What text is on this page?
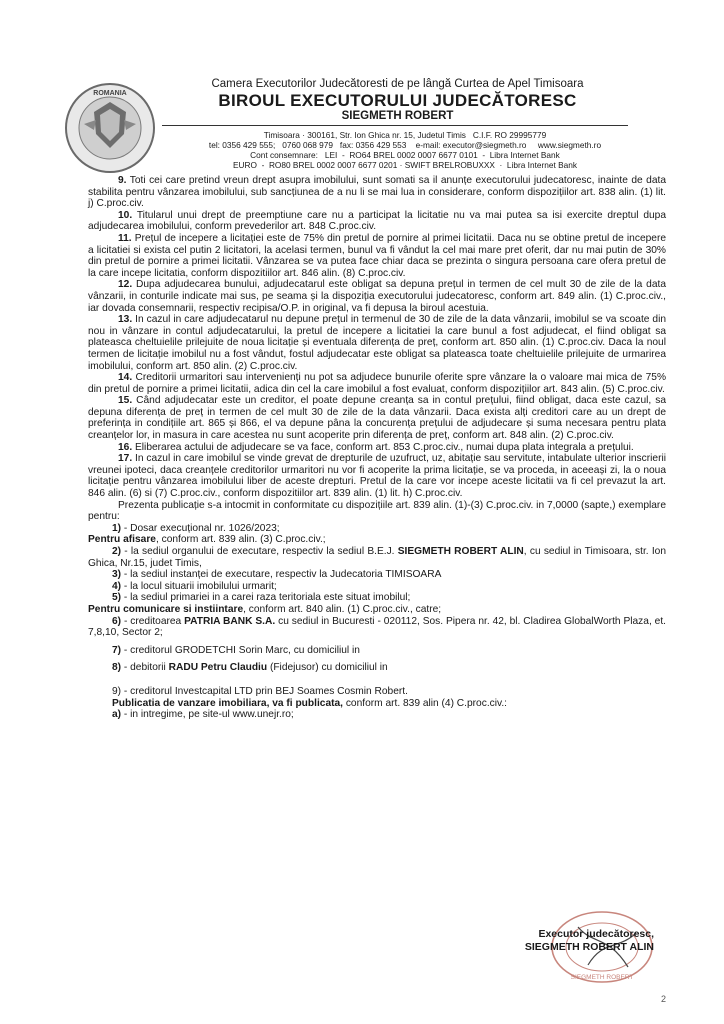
ROMANIA
Camera Executorilor Judecătoresti de pe lângă Curtea de Apel Timisoara
BIROUL EXECUTORULUI JUDECĂTORESC
SIEGMETH ROBERT
Timisoara · 300161, Str. Ion Ghica nr. 15, Judetul Timis   C.I.F. RO 29995779
tel: 0356 429 555;   0760 068 979   fax: 0356 429 553    e-mail: executor@siegmeth.ro     www.siegmeth.ro
Cont consemnare:   LEI  -  RO64 BREL 0002 0007 6677 0101  -  Libra Internet Bank
EURO  -  RO80 BREL 0002 0007 6677 0201 · SWIFT BRELROBUXXX  ·  Libra Internet Bank

9. Toti cei care pretind vreun drept asupra imobilului, sunt somati sa il anunțe executorului judecatoresc, inainte de data stabilita pentru vânzarea imobilului, sub sancțiunea de a nu li se mai lua in considerare, conform dispozițiilor art. 838 alin. (1) lit. j) C.proc.civ.

10. Titularul unui drept de preemptiune care nu a participat la licitatie nu va mai putea sa isi exercite dreptul dupa adjudecarea imobilului, conform prevederilor art. 848 C.proc.civ.

11. Prețul de incepere a licitației este de 75% din pretul de pornire al primei licitatii. Daca nu se obtine pretul de incepere a licitatiei si exista cel putin 2 licitatori, la acelasi termen, bunul va fi vândut la cel mai mare pret oferit, dar nu mai putin de 30% din pretul de pornire a primei licitatii. Vânzarea se va putea face chiar daca se prezinta o singura persoana care ofera pretul de la care incepe licitatia, conform dispozitiilor art. 846 alin. (8) C.proc.civ.

12. Dupa adjudecarea bunului, adjudecatarul este obligat sa depuna prețul in termen de cel mult 30 de zile de la data vânzarii, in conturile indicate mai sus, pe seama și la dispoziția executorului judecatoresc, conform art. 849 alin. (1) C.proc.civ., iar dovada consemnarii, respectiv recipisa/O.P. in original, va fi depusa la biroul acestuia.

13. In cazul in care adjudecatarul nu depune prețul in termenul de 30 de zile de la data vânzarii, imobilul se va scoate din nou in vânzare in contul adjudecatarului, la pretul de incepere a licitatiei la care bunul a fost adjudecat, el fiind obligat sa plateasca cheltuielile prilejuite de noua licitație și eventuala diferența de preț, conform art. 850 alin. (1) C.proc.civ. Daca la noul termen de licitație imobilul nu a fost vândut, fostul adjudecatar este obligat sa plateasca toate cheltuielile prilejuite de urmarirea imobilului, conform art. 850 alin. (2) C.proc.civ.

14. Creditorii urmaritori sau intervenienți nu pot sa adjudece bunurile oferite spre vânzare la o valoare mai mica de 75% din pretul de pornire a primei licitatii, adica din cel la care imobilul a fost evaluat, conform dispozițiilor art. 843 alin. (5) C.proc.civ.

15. Când adjudecatar este un creditor, el poate depune creanța sa in contul prețului, fiind obligat, daca este cazul, sa depuna diferența de preț in termen de cel mult 30 de zile de la data vânzarii. Daca exista alți creditori care au un drept de preferința in condițiile art. 865 și 866, el va depune pâna la concurența prețului de adjudecare și suma necesara pentru plata creanțelor lor, in masura in care acestea nu sunt acoperite prin diferența de preț, conform art. 848 alin. (2) C.proc.civ.

16. Eliberarea actului de adjudecare se va face, conform art. 853 C.proc.civ., numai dupa plata integrala a prețului.

17. In cazul in care imobilul se vinde grevat de drepturile de uzufruct, uz, abitație sau servitute, intabulate ulterior inscrierii vreunei ipoteci, daca creanțele creditorilor urmaritori nu vor fi acoperite la prima licitație, se va proceda, in aceeași zi, la o noua licitație pentru vânzarea imobilului liber de aceste drepturi. Pretul de la care vor incepe aceste licitatii va fi cel prevazut la art. 846 alin. (6) si (7) C.proc.civ., conform dispozitiilor art. 839 alin. (1) lit. h) C.proc.civ.

Prezenta publicație s-a intocmit in conformitate cu dispozițiile art. 839 alin. (1)-(3) C.proc.civ. in 7,0000 (sapte,) exemplare pentru:

1) - Dosar execuțional nr. 1026/2023;

Pentru afisare, conform art. 839 alin. (3) C.proc.civ.;

2) - la sediul organului de executare, respectiv la sediul B.E.J. SIEGMETH ROBERT ALIN, cu sediul in Timisoara, str. Ion Ghica, Nr.15, judet Timis,

3) - la sediul instanței de executare, respectiv la Judecatoria TIMISOARA

4) - la locul situarii imobilului urmarit;

5) - la sediul primariei in a carei raza teritoriala este situat imobilul;

Pentru comunicare si instiintare, conform art. 840 alin. (1) C.proc.civ., catre;

6) - creditoarea PATRIA BANK S.A. cu sediul in Bucuresti - 020112, Sos. Pipera nr. 42, bl. Cladirea GlobalWorth Plaza, et. 7,8,10, Sector 2;

7) - creditorul GRODETCHI Sorin Marc, cu domiciliul in

8) - debitorii RADU Petru Claudiu (Fidejusor) cu domiciliul in

9) - creditorul Investcapital LTD prin BEJ Soames Cosmin Robert.

Publicatia de vanzare imobiliara, va fi publicata, conform art. 839 alin (4) C.proc.civ.:

a) - in intregime, pe site-ul www.unejr.ro;

SIEGMETH ROBERT
Executor judecătoresc,
SIEGMETH ROBERT ALIN
2
